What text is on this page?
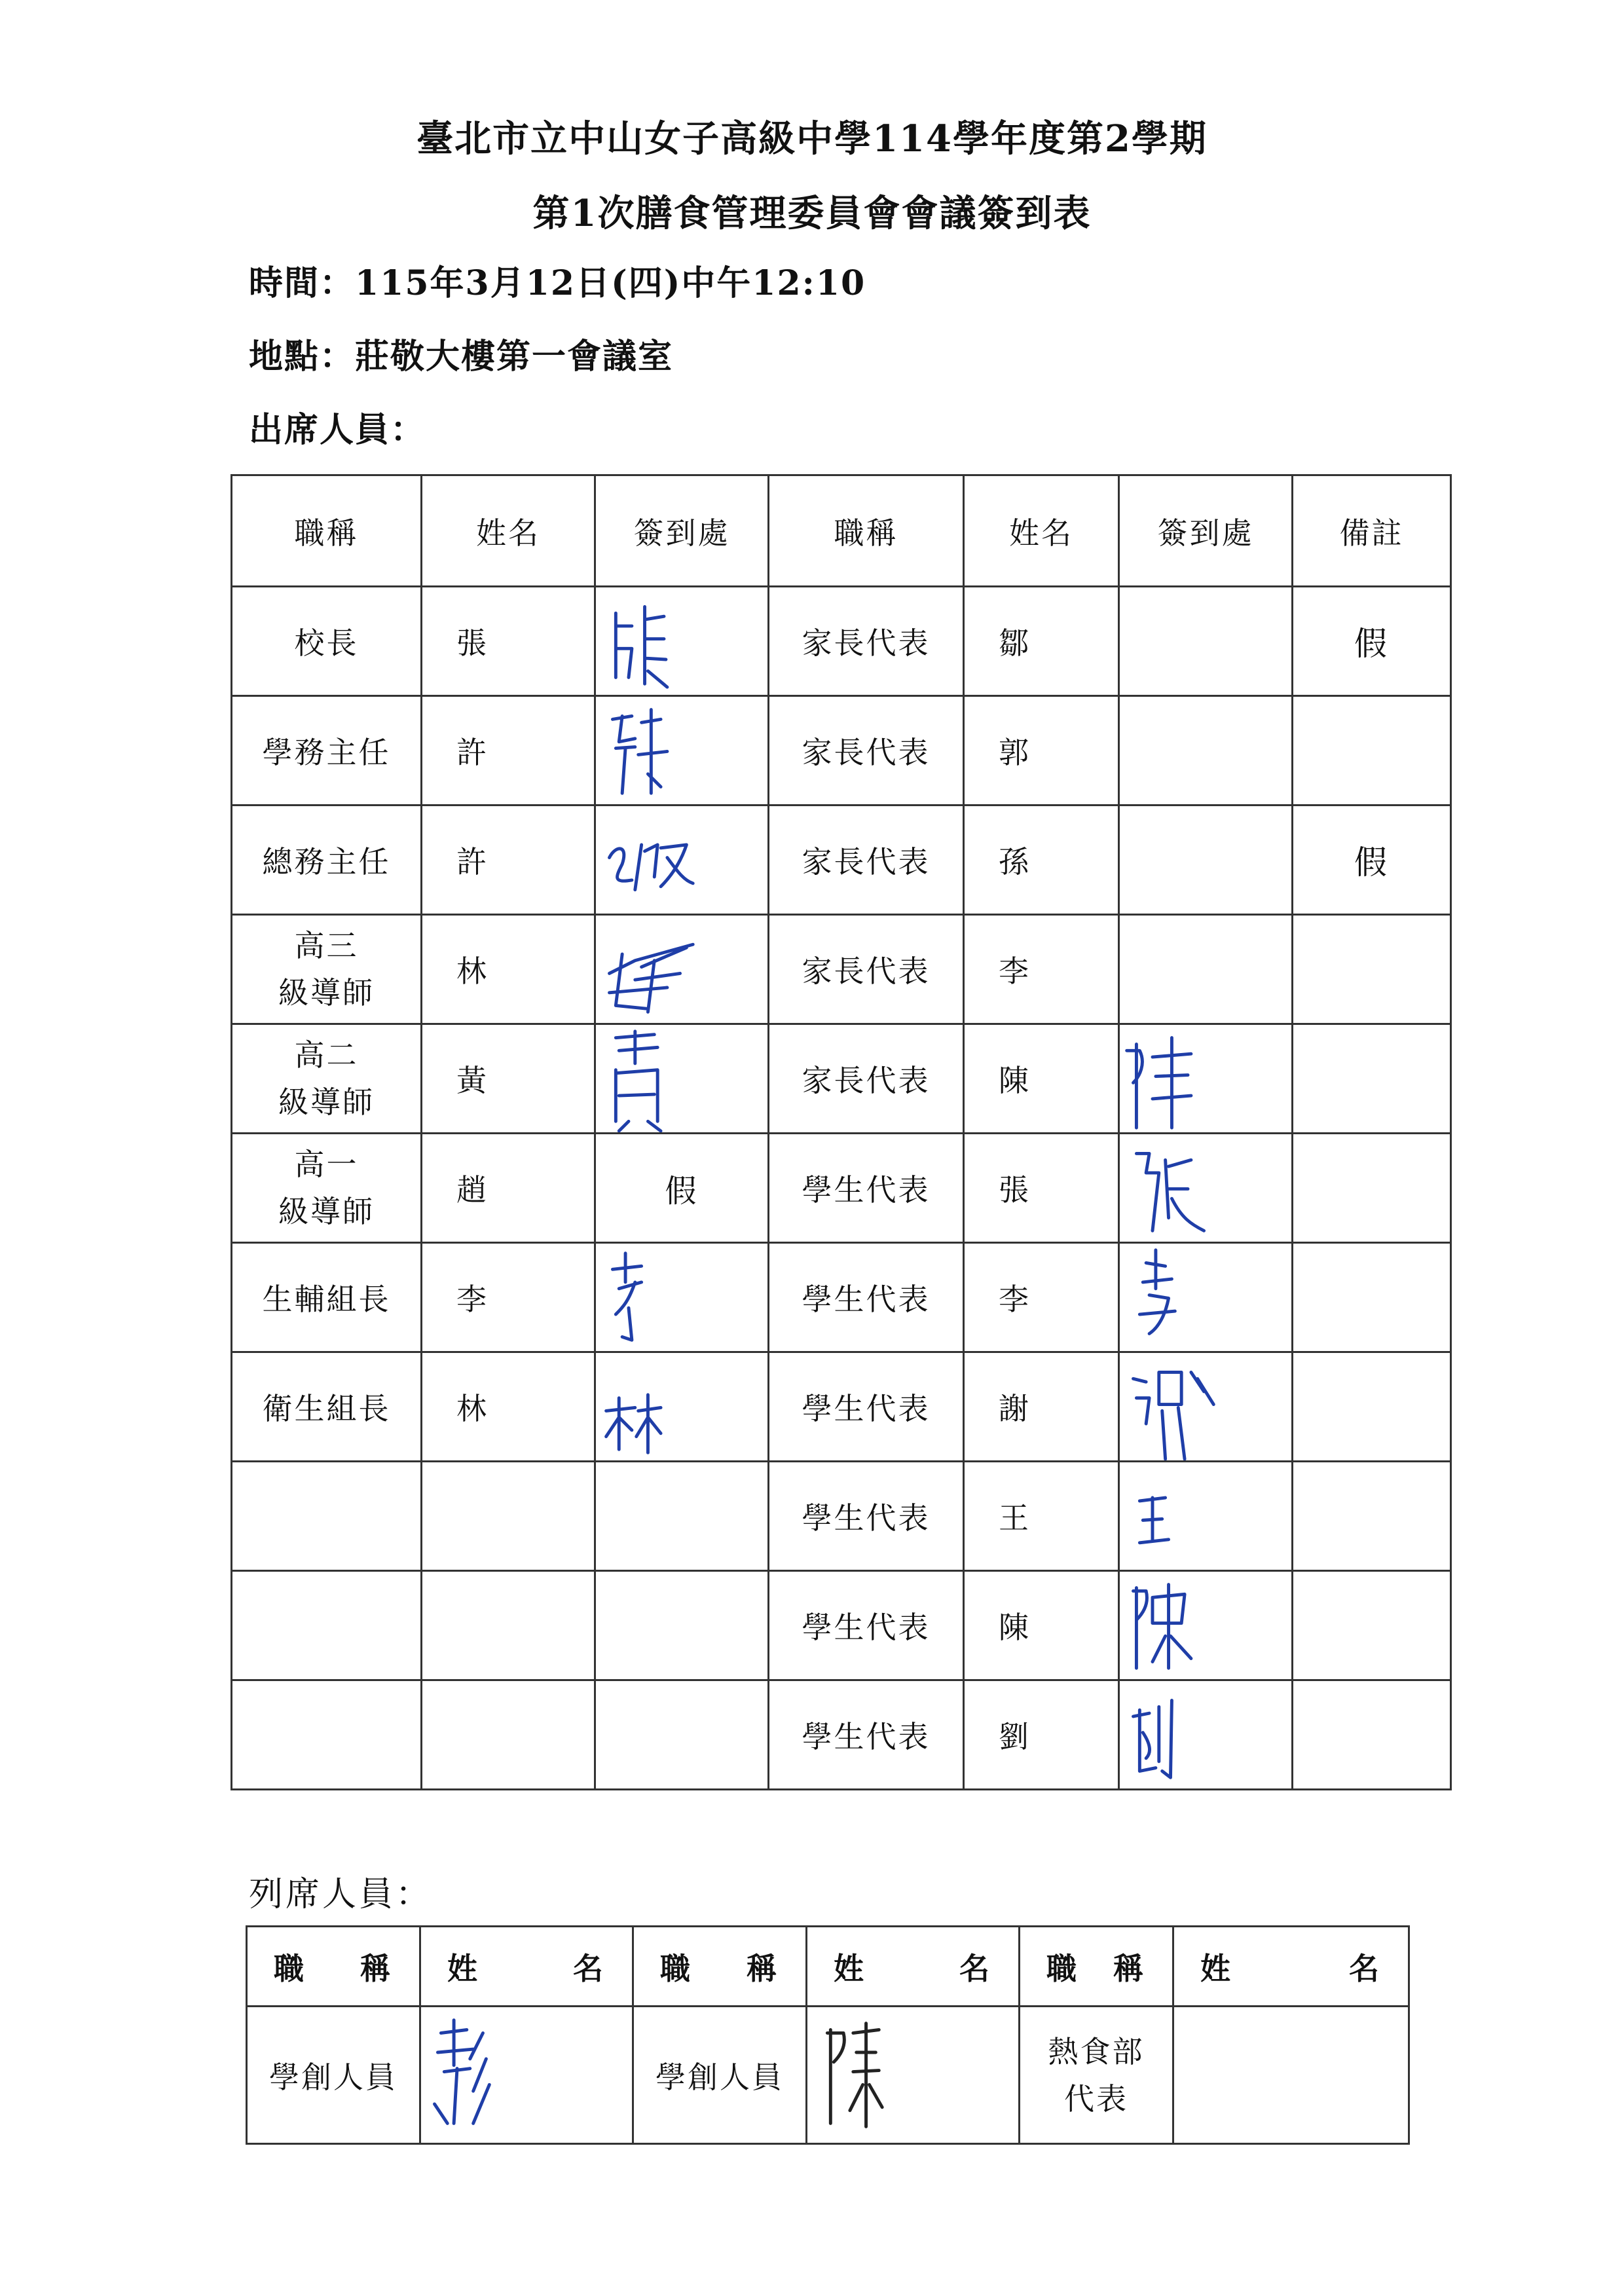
臺北市立中山女子高級中學114學年度第2學期
第1次膳食管理委員會會議簽到表
時間：115年3月12日(四)中午12:10
地點：莊敬大樓第一會議室
出席人員：
職稱	姓名	簽到處	職稱	姓名	簽到處	備註
校長	張		家長代表	鄒		假
學務主任	許		家長代表	郭		
總務主任	許		家長代表	孫		假

高三
級導師	林		家長代表	李		

高二
級導師	黃		家長代表	陳	

高一
級導師	趙	假	學生代表	張	

生輔組長	李		學生代表	李	

衛生組長	林		學生代表	謝	

			學生代表	王	

			學生代表	陳	

			學生代表	劉	

列席人員：
職 稱	姓 名	職 稱	姓 名	職 稱	姓 名

學創人員		學創人員		熱食部
代表	
